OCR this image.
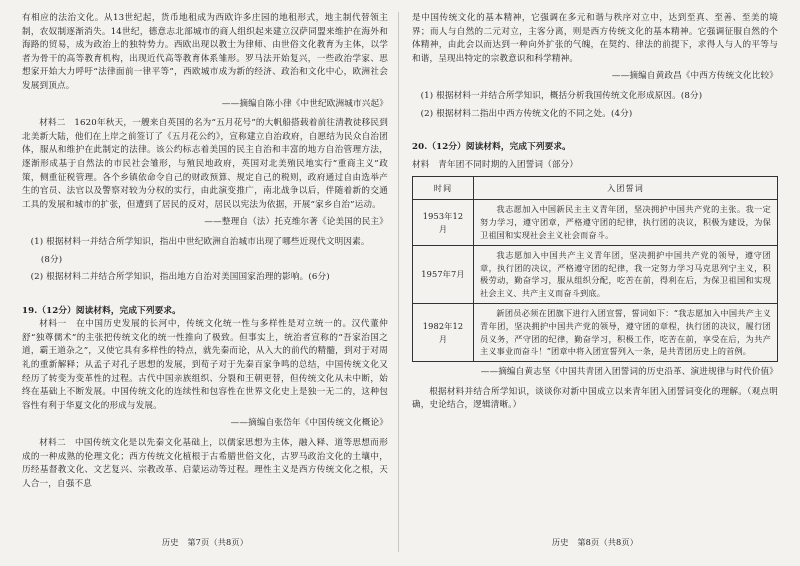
有相应的法治文化。从13世纪起，货币地租成为西欧许多庄园的地租形式，地主制代替领主制，农奴制逐渐消失。14世纪，德意志北部城市的商人组织起来建立汉萨同盟来维护在海外和海路的贸易，成为政治上的独特势力。西欧出现以教士为律师、由世俗文化教育为主体，以学者为骨干的高等教育机构，出现近代高等教育体系雏形。罗马法开始复兴，一些政治学家、思想家开始大力呼吁“法律面前一律平等”，西欧城市成为新的经济、政治和文化中心，欧洲社会发展到顶点。

——摘编自陈小律《中世纪欧洲城市兴起》

材料二　1620年秋天，一艘来自英国的名为“五月花号”的大帆船搭载着前往清教徒移民到北美新大陆，他们在上岸之前签订了《五月花公约》，宣称建立自治政府，自愿结为民众自治团体，服从和维护在此制定的法律。该公约标志着美国的民主自治和丰富的地方自治管理方法，逐渐形成基于自然法的市民社会雏形，与殖民地政府，英国对北美殖民地实行“重商主义”政策，侧重征税管理。各个乡镇依命令自己的财政预算、规定自己的税则，政府通过自由选举产生的官员、法官以及警察对较为分权的实行，由此演变推广，南北战争以后，伴随着新的交通工具的发展和城市的扩张，但遭到了居民的反对，居民以宪法为依据，开展“家乡自治”运动。

——整理自（法）托克维尔著《论美国的民主》

(1) 根据材料一并结合所学知识，指出中世纪欧洲自治城市出现了哪些近现代文明因素。

(8分)

(2) 根据材料二并结合所学知识，指出地方自治对美国国家治理的影响。(6分)

19.（12分）阅读材料，完成下列要求。

材料一　在中国历史发展的长河中，传统文化统一性与多样性是对立统一的。汉代董仲舒“独尊儒术”的主张把传统文化的统一性推向了极致。但事实上，统治者宣称的“吾家治国之道，霸王道杂之”，又使它具有多样性的特点，就先秦而论，从入大的前代的精髓，到对于对周礼的重新解释；从孟子对孔子思想的发展，到荀子对于先秦百家争鸣的总结，中国传统文化又经历了转变为变革性的过程。古代中国亲族组织、分裂和王朝更替，但传统文化从未中断，始终在基础上不断发展。中国传统文化的连续性和包容性在世界文化史上是独一无二的，这种包容性有利于华夏文化的形成与发展。

——摘编自张岱年《中国传统文化概论》

材料二　中国传统文化是以先秦文化基础上，以儒家思想为主体，融入释、道等思想而形成的一种成熟的伦理文化；西方传统文化植根于古希腊世俗文化，古罗马政治文化的土壤中，历经基督教文化、文艺复兴、宗教改革、启蒙运动等过程。理性主义是西方传统文化之根，天人合一，自强不息

历史 第7页（共8页）

是中国传统文化的基本精神，它强调在多元和谐与秩序对立中，达到至真、至善、至美的境界；而人与自然的二元对立，主客分离，则是西方传统文化的基本精神。它强调征服自然的个体精神，由此会以而达到一种向外扩张的气魄，在契约、律法的前提下，求得人与人的平等与和谐，呈现出特定的宗教意识和科学精神。

——摘编自黄政昌《中西方传统文化比较》

(1) 根据材料一并结合所学知识，概括分析我国传统文化形成原因。(8分)

(2) 根据材料二指出中西方传统文化的不同之处。(4分)

20.（12分）阅读材料，完成下列要求。

材料　青年团不同时期的入团誓词（部分）

时间	入团誓词
1953年12月	我志愿加入中国新民主主义青年团，坚决拥护中国共产党的主张。我一定努力学习，遵守团章，严格遵守团的纪律，执行团的决议，积极为建设，为保卫祖国和实现社会主义社会而奋斗。
1957年7月	我志愿加入中国共产主义青年团，坚决拥护中国共产党的领导，遵守团章，执行团的决议，严格遵守团的纪律，我一定努力学习马克思列宁主义，积极劳动，勤奋学习，服从组织分配，吃苦在前，得利在后，为保卫祖国和实现社会主义、共产主义而奋斗到底。
1982年12月	新团员必须在团旗下进行入团宣誓，誓词如下：“我志愿加入中国共产主义青年团，坚决拥护中国共产党的领导，遵守团的章程，执行团的决议，履行团员义务，严守团的纪律，勤奋学习，积极工作，吃苦在前，享受在后，为共产主义事业而奋斗！”团章中将入团宣誓列入一条，是共青团历史上的首例。

——摘编自黄志坚《中国共青团入团誓词的历史沿革、演进规律与时代价值》

根据材料并结合所学知识，谈谈你对新中国成立以来青年团入团誓词变化的理解。（观点明确，史论结合，逻辑清晰。）

历史 第8页（共8页）
